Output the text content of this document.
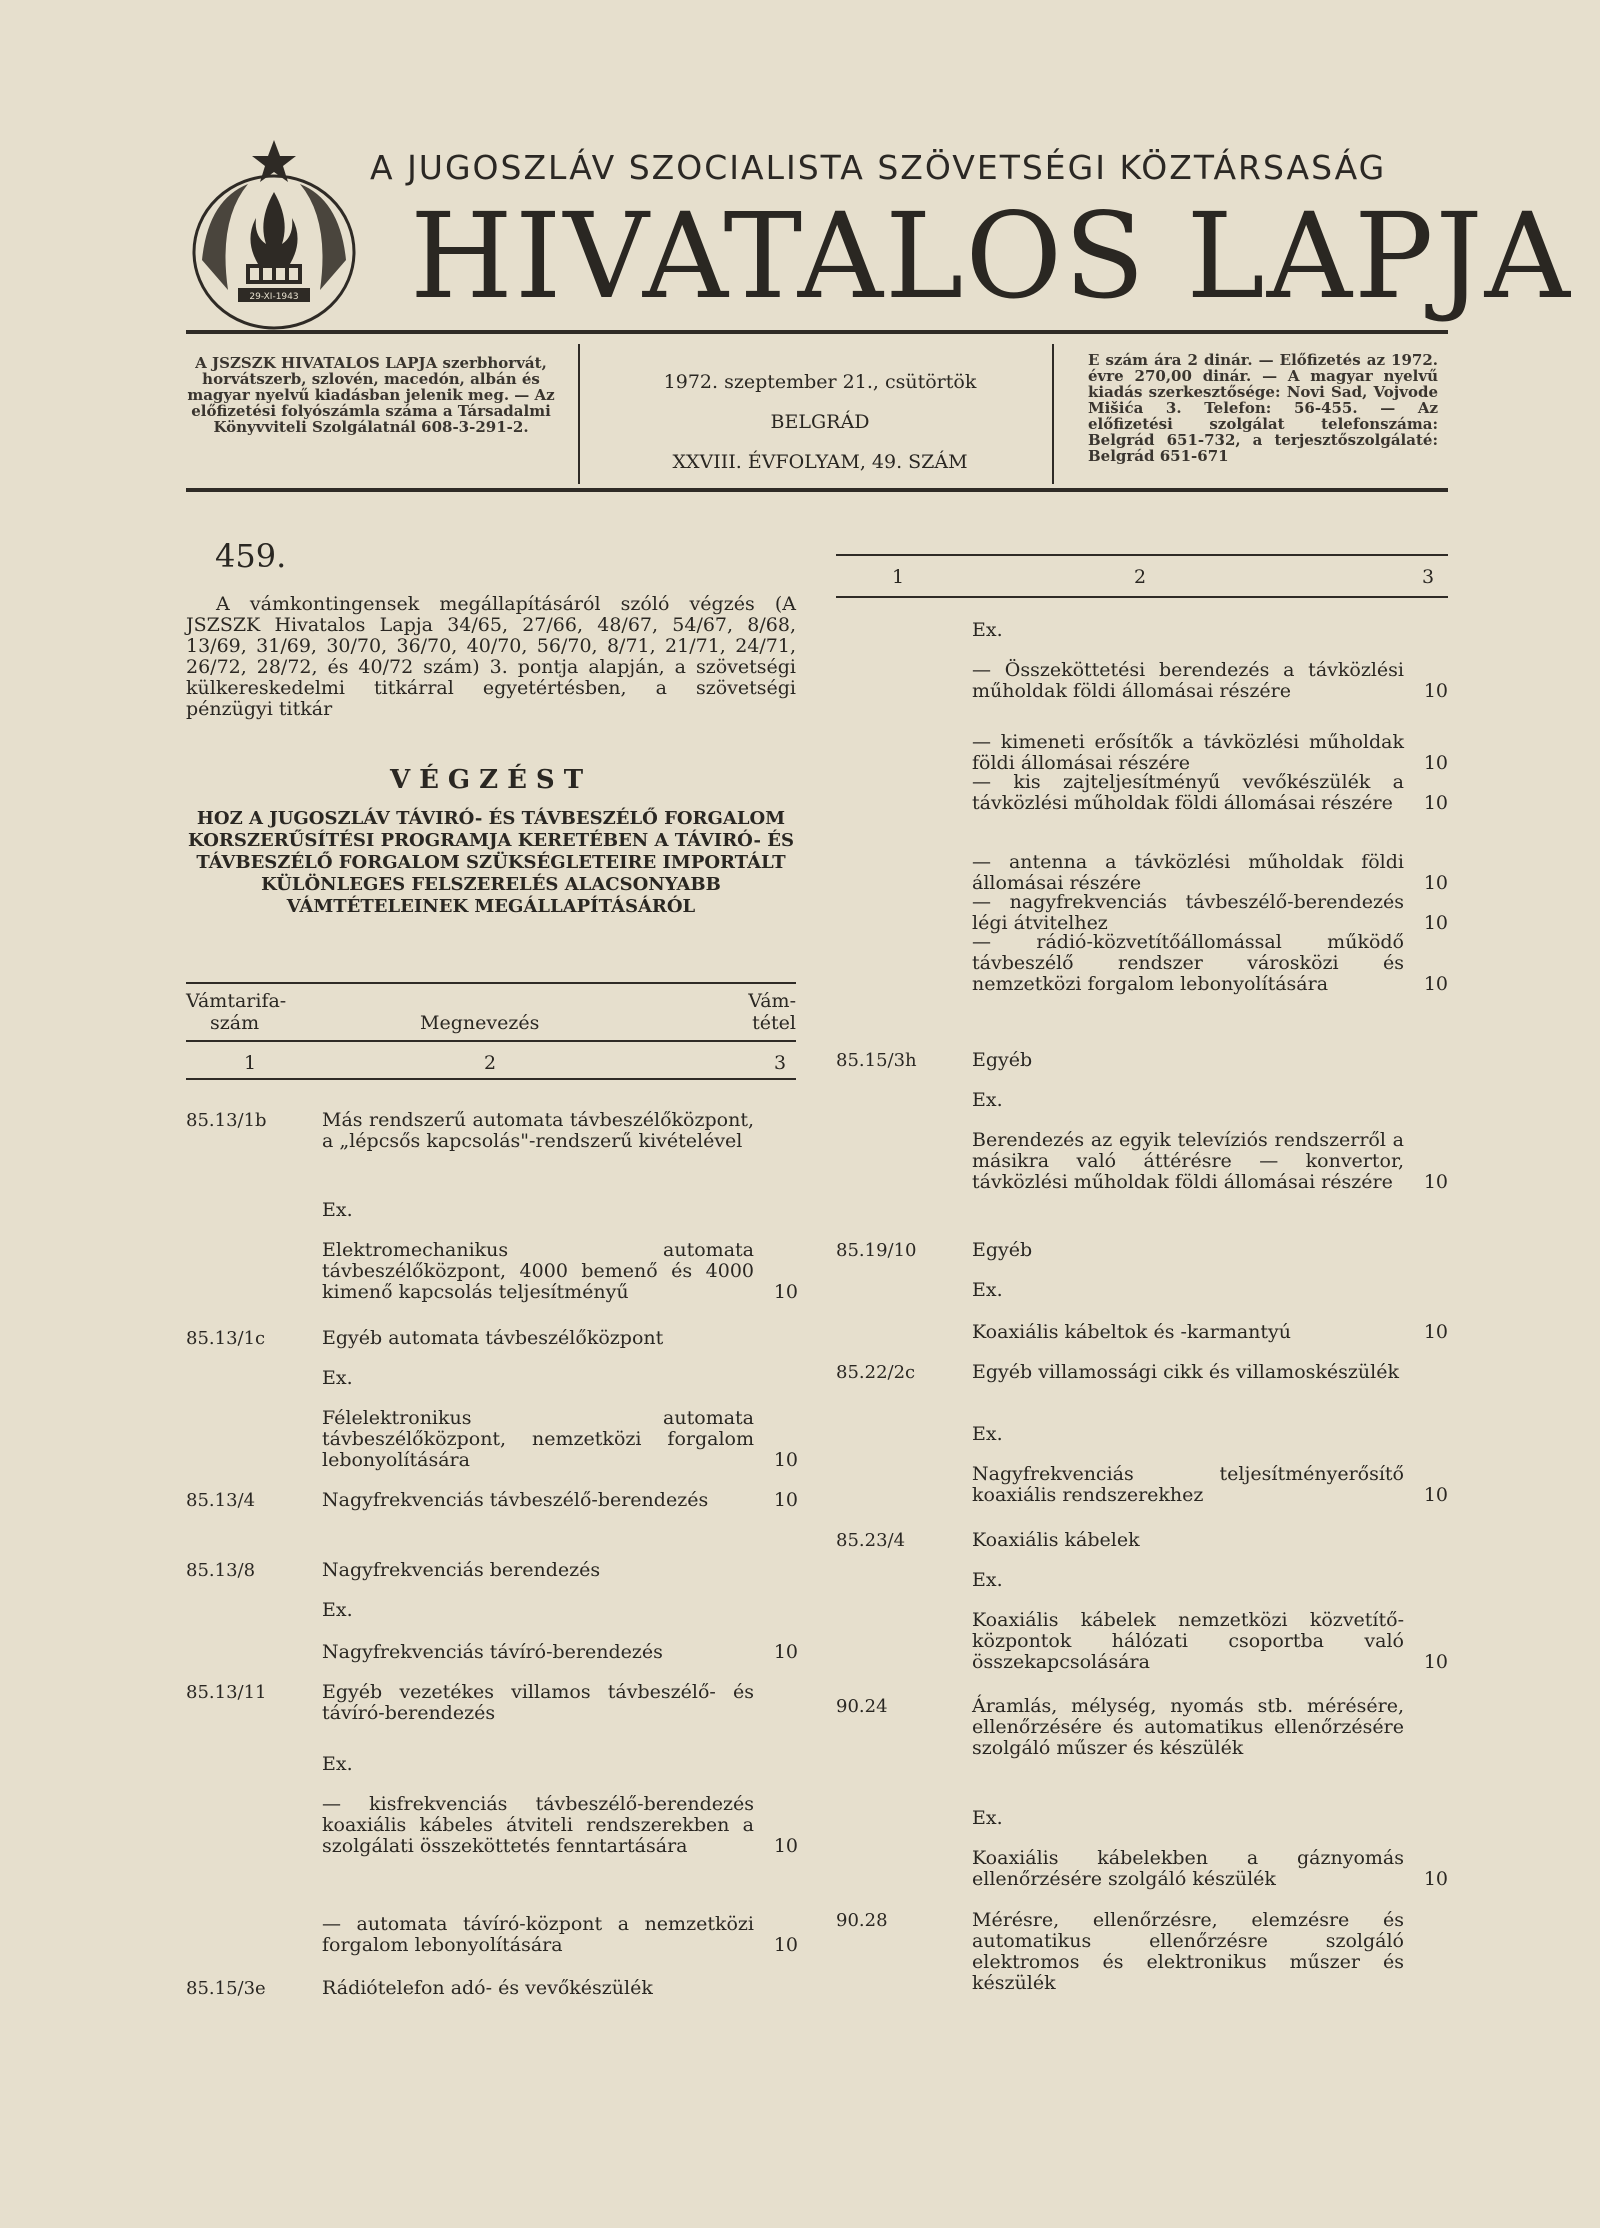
29-XI-1943
A JUGOSZLÁV SZOCIALISTA SZÖVETSÉGI KÖZTÁRSASÁG
HIVATALOS LAPJA
A JSZSZK HIVATALOS LAPJA szerbhorvát, horvátszerb, szlovén, macedón, albán és magyar nyelvű kiadásban jelenik meg. — Az előfizetési folyószámla száma a Társadalmi Könyvviteli Szolgálatnál 608-3-291-2.
1972. szeptember 21., csütörtök
BELGRÁD
XXVIII. ÉVFOLYAM, 49. SZÁM
E szám ára 2 dinár. — Előfizetés az 1972. évre 270,00 dinár. — A magyar nyelvű kiadás szerkesztősége: Novi Sad, Vojvode Mišića 3. Telefon: 56-455. — Az előfizetési szolgálat telefonszáma: Belgrád 651-732, a terjesztőszolgálaté: Belgrád 651-671
459.
A vámkontingensek megállapításáról szóló végzés (A JSZSZK Hivatalos Lapja 34/65, 27/66, 48/67, 54/67, 8/68, 13/69, 31/69, 30/70, 36/70, 40/70, 56/70, 8/71, 21/71, 24/71, 26/72, 28/72, és 40/72 szám) 3. pontja alapján, a szövetségi külkereskedelmi titkárral egyetértésben, a szövetségi pénzügyi titkár
VÉGZÉST
HOZ A JUGOSZLÁV TÁVIRÓ- ÉS TÁVBESZÉLŐ FORGALOM KORSZERŰSÍTÉSI PROGRAMJA KERETÉBEN A TÁVIRÓ- ÉS TÁVBESZÉLŐ FORGALOM SZÜKSÉGLETEIRE IMPORTÁLT KÜLÖNLEGES FELSZERELÉS ALACSONYABB VÁMTÉTELEINEK MEGÁLLAPÍTÁSÁRÓL
Vámtarifa-
szám	Megnevezés
Vám-
tétel
1	2	3
85.13/1b	Más rendszerű automata távbeszélőközpont, a „lépcsős kapcsolás"-rendszerű kivételével
Ex.
Elektromechanikus automata távbeszélőközpont, 4000 bemenő és 4000 kimenő kapcsolás teljesítményű	10
85.13/1c	Egyéb automata távbeszélőközpont
Ex.
Félelektronikus automata távbeszélőközpont, nemzetközi forgalom lebonyolítására	10
85.13/4	Nagyfrekvenciás távbeszélő-berendezés	10
85.13/8	Nagyfrekvenciás berendezés
Ex.
Nagyfrekvenciás távíró-berendezés	10
85.13/11	Egyéb vezetékes villamos távbeszélő- és távíró-berendezés
Ex.
— kisfrekvenciás távbeszélő-berendezés koaxiális kábeles átviteli rendszerekben a szolgálati összeköttetés fenntartására	10
— automata távíró-központ a nemzetközi forgalom lebonyolítására	10
85.15/3e	Rádiótelefon adó- és vevőkészülék
1	2	3
Ex.
— Összeköttetési berendezés a távközlési műholdak földi állomásai részére	10
— kimeneti erősítők a távközlési műholdak földi állomásai részére	10
— kis zajteljesítményű vevőkészülék a távközlési műholdak földi állomásai részére	10
— antenna a távközlési műholdak földi állomásai részére	10
— nagyfrekvenciás távbeszélő-berendezés légi átvitelhez	10
— rádió-közvetítőállomással működő távbeszélő rendszer városközi és nemzetközi forgalom lebonyolítására	10
85.15/3h	Egyéb
Ex.
Berendezés az egyik televíziós rendszerről a másikra való áttérésre — konvertor, távközlési műholdak földi állomásai részére	10
85.19/10	Egyéb
Ex.
Koaxiális kábeltok és -karmantyú	10
85.22/2c	Egyéb villamossági cikk és villamoskészülék
Ex.
Nagyfrekvenciás teljesítményerősítő koaxiális rendszerekhez	10
85.23/4	Koaxiális kábelek
Ex.
Koaxiális kábelek nemzetközi közvetítő-központok hálózati csoportba való összekapcsolására	10
90.24	Áramlás, mélység, nyomás stb. mérésére, ellenőrzésére és automatikus ellenőrzésére szolgáló műszer és készülék
Ex.
Koaxiális kábelekben a gáznyomás ellenőrzésére szolgáló készülék	10
90.28	Mérésre, ellenőrzésre, elemzésre és automatikus ellenőrzésre szolgáló elektromos és elektronikus műszer és készülék
